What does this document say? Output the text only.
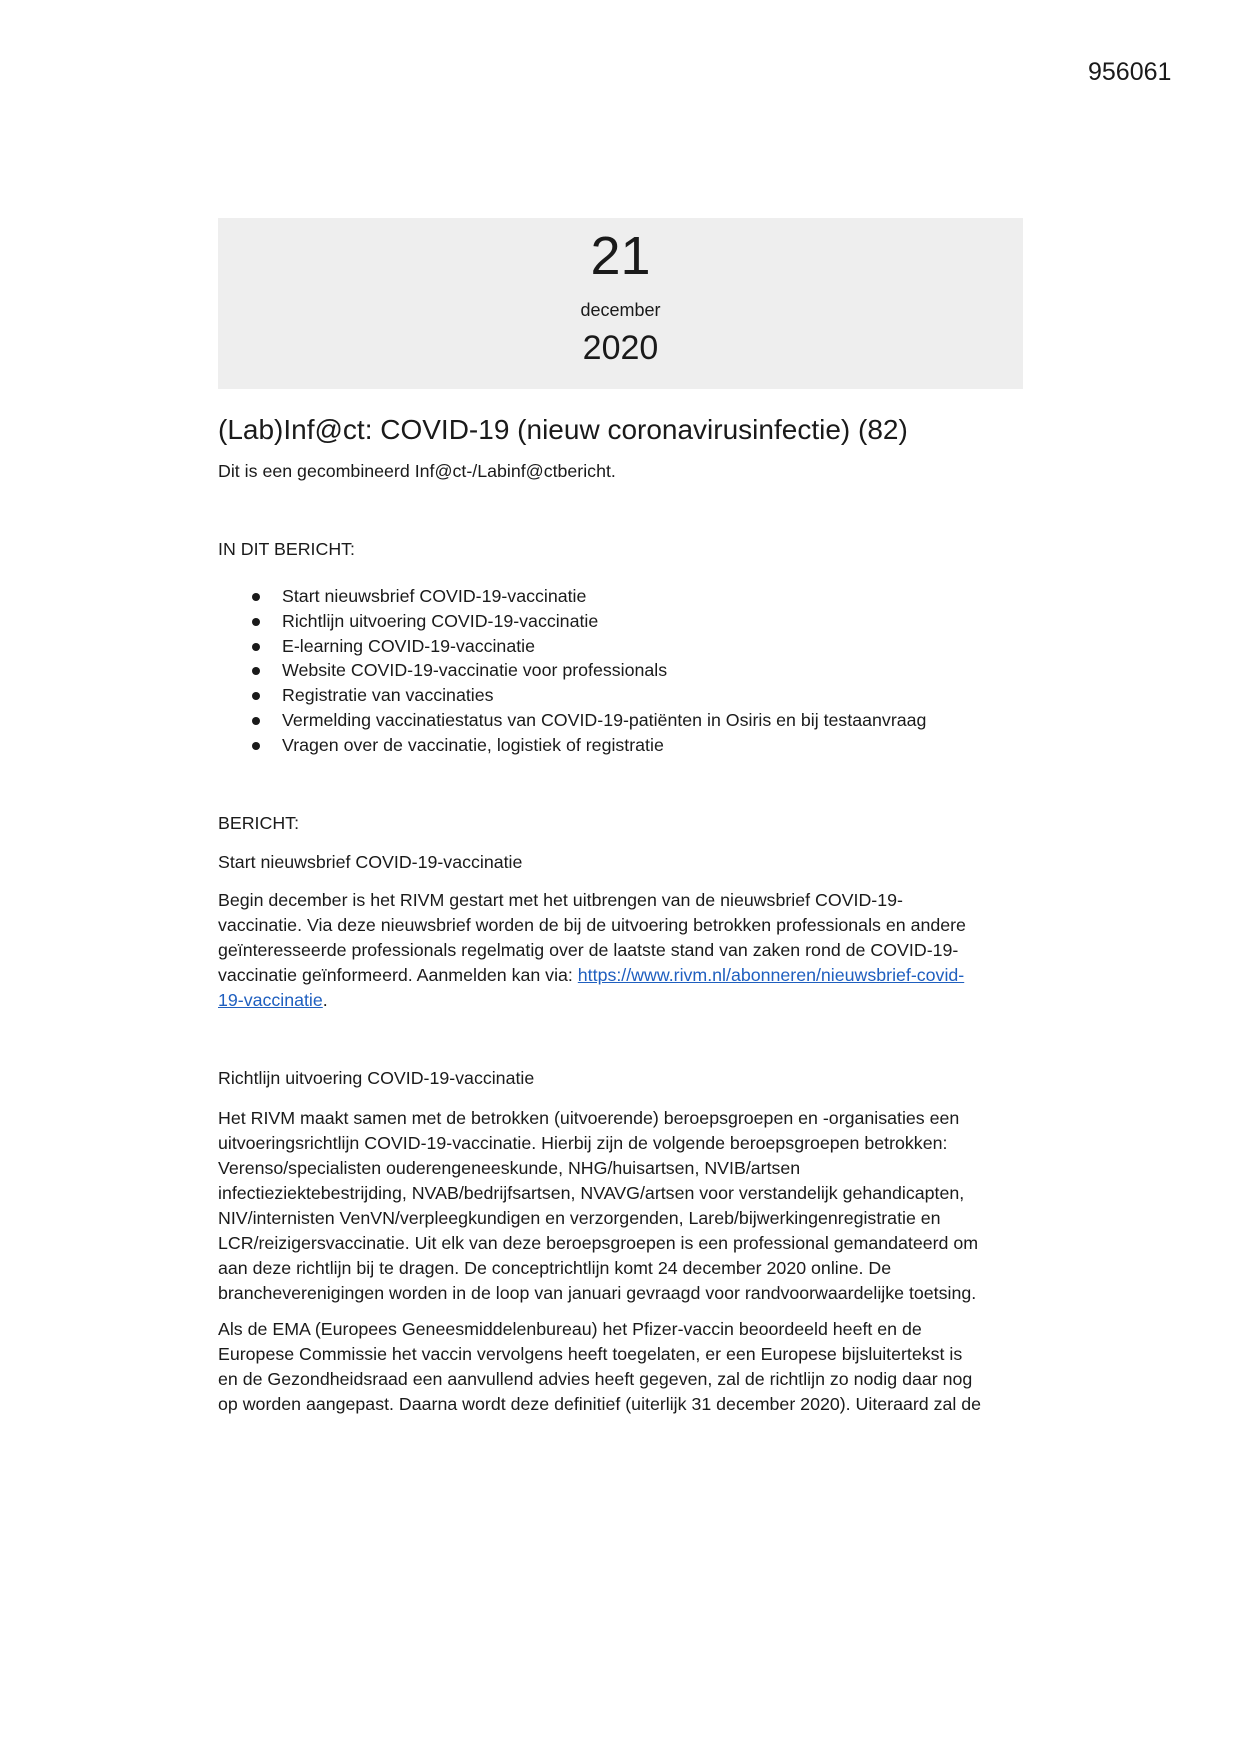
956061
21
december
2020
(Lab)Inf@ct: COVID-19 (nieuw coronavirusinfectie) (82)
Dit is een gecombineerd Inf@ct-/Labinf@ctbericht.
IN DIT BERICHT:
Start nieuwsbrief COVID-19-vaccinatie
Richtlijn uitvoering COVID-19-vaccinatie
E-learning COVID-19-vaccinatie
Website COVID-19-vaccinatie voor professionals
Registratie van vaccinaties
Vermelding vaccinatiestatus van COVID-19-patiënten in Osiris en bij testaanvraag
Vragen over de vaccinatie, logistiek of registratie
BERICHT:
Start nieuwsbrief COVID-19-vaccinatie
Begin december is het RIVM gestart met het uitbrengen van de nieuwsbrief COVID-19-
vaccinatie. Via deze nieuwsbrief worden de bij de uitvoering betrokken professionals en andere
geïnteresseerde professionals regelmatig over de laatste stand van zaken rond de COVID-19-
vaccinatie geïnformeerd. Aanmelden kan via: https://www.rivm.nl/abonneren/nieuwsbrief-covid-
19-vaccinatie.
Richtlijn uitvoering COVID-19-vaccinatie
Het RIVM maakt samen met de betrokken (uitvoerende) beroepsgroepen en -organisaties een
uitvoeringsrichtlijn COVID-19-vaccinatie. Hierbij zijn de volgende beroepsgroepen betrokken:
Verenso/specialisten ouderengeneeskunde, NHG/huisartsen, NVIB/artsen
infectieziektebestrijding, NVAB/bedrijfsartsen, NVAVG/artsen voor verstandelijk gehandicapten,
NIV/internisten VenVN/verpleegkundigen en verzorgenden, Lareb/bijwerkingenregistratie en
LCR/reizigersvaccinatie. Uit elk van deze beroepsgroepen is een professional gemandateerd om
aan deze richtlijn bij te dragen. De conceptrichtlijn komt 24 december 2020 online. De
brancheverenigingen worden in de loop van januari gevraagd voor randvoorwaardelijke toetsing.
Als de EMA (Europees Geneesmiddelenbureau) het Pfizer-vaccin beoordeeld heeft en de
Europese Commissie het vaccin vervolgens heeft toegelaten, er een Europese bijsluitertekst is
en de Gezondheidsraad een aanvullend advies heeft gegeven, zal de richtlijn zo nodig daar nog
op worden aangepast. Daarna wordt deze definitief (uiterlijk 31 december 2020). Uiteraard zal de
